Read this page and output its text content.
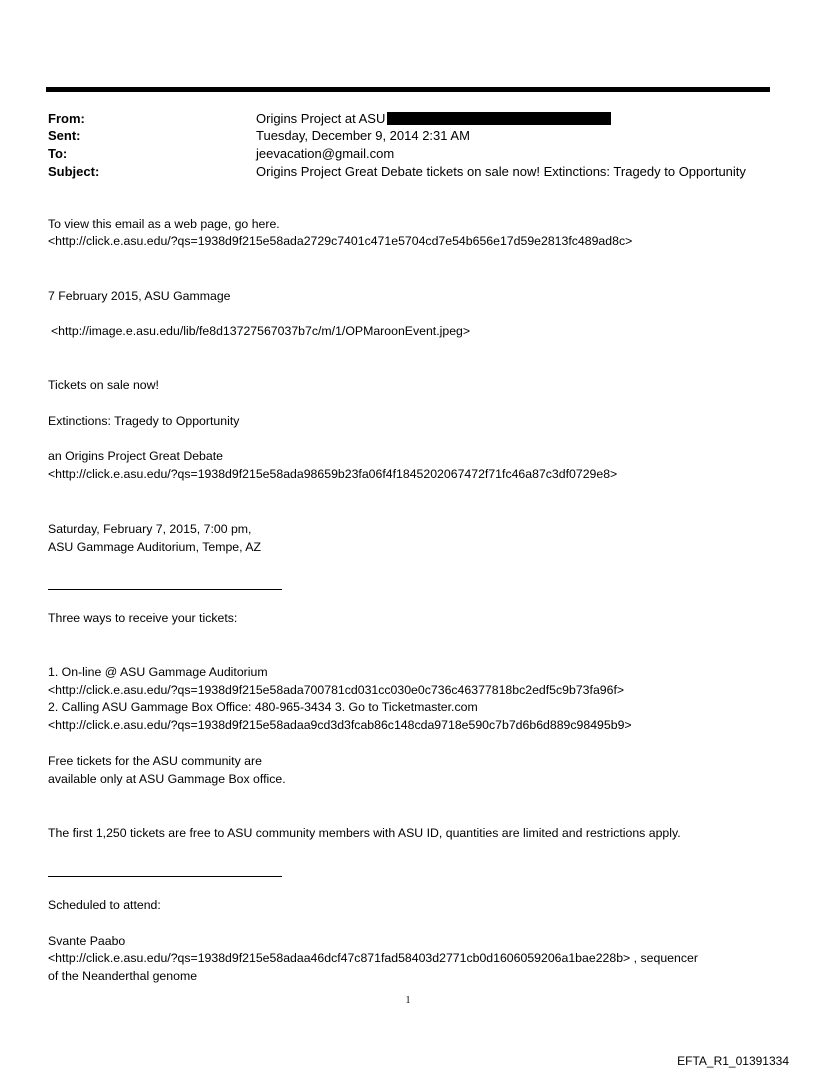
From:	Origins Project at ASU
Sent:	Tuesday, December 9, 2014 2:31 AM
To:	jeevacation@gmail.com
Subject:	Origins Project Great Debate tickets on sale now! Extinctions: Tragedy to Opportunity
To view this email as a web page, go here.
<http://click.e.asu.edu/?qs=1938d9f215e58ada2729c7401c471e5704cd7e54b656e17d59e2813fc489ad8c>
7 February 2015, ASU Gammage
<http://image.e.asu.edu/lib/fe8d13727567037b7c/m/1/OPMaroonEvent.jpeg>
Tickets on sale now!
Extinctions: Tragedy to Opportunity
an Origins Project Great Debate
<http://click.e.asu.edu/?qs=1938d9f215e58ada98659b23fa06f4f1845202067472f71fc46a87c3df0729e8>
Saturday, February 7, 2015, 7:00 pm,
ASU Gammage Auditorium, Tempe, AZ
Three ways to receive your tickets:
1. On-line @ ASU Gammage Auditorium
<http://click.e.asu.edu/?qs=1938d9f215e58ada700781cd031cc030e0c736c46377818bc2edf5c9b73fa96f>
2. Calling ASU Gammage Box Office: 480-965-3434 3. Go to Ticketmaster.com
<http://click.e.asu.edu/?qs=1938d9f215e58adaa9cd3d3fcab86c148cda9718e590c7b7d6b6d889c98495b9>
Free tickets for the ASU community are
available only at ASU Gammage Box office.
The first 1,250 tickets are free to ASU community members with ASU ID, quantities are limited and restrictions apply.
Scheduled to attend:
Svante Paabo
<http://click.e.asu.edu/?qs=1938d9f215e58adaa46dcf47c871fad58403d2771cb0d1606059206a1bae228b> , sequencer
of the Neanderthal genome
1
EFTA_R1_01391334
